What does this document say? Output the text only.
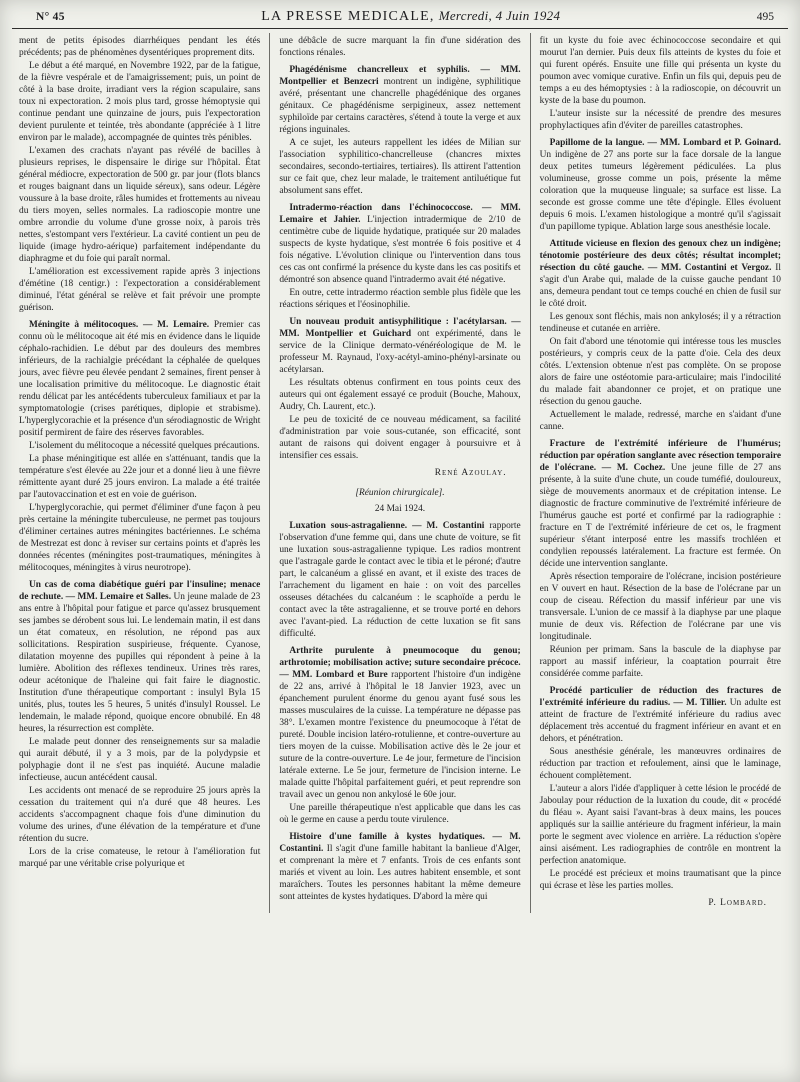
N° 45	LA PRESSE MEDICALE, Mercredi, 4 Juin 1924	495

ment de petits épisodes diarrhéiques pendant les étés précédents; pas de phénomènes dysentériques proprement dits.

Le début a été marqué, en Novembre 1922, par de la fatigue, de la fièvre vespérale et de l'amaigrissement; puis, un point de côté à la base droite, irradiant vers la région scapulaire, sans toux ni expectoration. 2 mois plus tard, grosse hémoptysie qui continue pendant une quinzaine de jours, puis l'expectoration devient purulente et teintée, très abondante (appréciée à 1 litre environ par le malade), accompagnée de quintes très pénibles.

L'examen des crachats n'ayant pas révélé de bacilles à plusieurs reprises, le dispensaire le dirige sur l'hôpital. État général médiocre, expectoration de 500 gr. par jour (flots blancs et rouges baignant dans un liquide séreux), sans odeur. Légère voussure à la base droite, râles humides et frottements au niveau du tiers moyen, selles normales. La radioscopie montre une ombre arrondie du volume d'une grosse noix, à parois très nettes, s'estompant vers l'extérieur. La cavité contient un peu de liquide (image hydro-aérique) parfaitement indépendante du diaphragme et du foie qui paraît normal.

L'amélioration est excessivement rapide après 3 injections d'émétine (18 centigr.) : l'expectoration a considérablement diminué, l'état général se relève et fait prévoir une prompte guérison.

Méningite à mélitocoques. — M. Lemaire. Premier cas connu où le mélitocoque ait été mis en évidence dans le liquide céphalo-rachidien. Le début par des douleurs des membres inférieurs, de la rachialgie précédant la céphalée de quelques jours, avec fièvre peu élevée pendant 2 semaines, firent penser à une localisation primitive du mélitocoque. Le diagnostic était rendu délicat par les antécédents tuberculeux familiaux et par la symptomatologie (crises parétiques, diplopie et strabisme). L'hyperglycorachie et la présence d'un sérodiagnostic de Wright positif permirent de faire des réserves favorables.

L'isolement du mélitocoque a nécessité quelques précautions.

La phase méningitique est allée en s'atténuant, tandis que la température s'est élevée au 22e jour et a donné lieu à une fièvre rémittente ayant duré 25 jours environ. La malade a été traitée par l'autovaccination et est en voie de guérison.

L'hyperglycorachie, qui permet d'éliminer d'une façon à peu près certaine la méningite tuberculeuse, ne permet pas toujours d'éliminer certaines autres méningites bactériennes. Le schéma de Mestrezat est donc à reviser sur certains points et d'après les données récentes (méningites post-traumatiques, méningites à mélitocoques, méningites à virus neurotrope).

Un cas de coma diabétique guéri par l'insuline; menace de rechute. — MM. Lemaire et Salles. Un jeune malade de 23 ans entre à l'hôpital pour fatigue et parce qu'assez brusquement ses jambes se dérobent sous lui. Le lendemain matin, il est dans un état comateux, en résolution, ne répond pas aux sollicitations. Respiration suspirieuse, fréquente. Cyanose, dilatation moyenne des pupilles qui répondent à peine à la lumière. Abolition des réflexes tendineux. Urines très rares, odeur acétonique de l'haleine qui fait faire le diagnostic. Institution d'une thérapeutique comportant : insulyl Byla 15 unités, plus, toutes les 5 heures, 5 unités d'insulyl Roussel. Le lendemain, le malade répond, quoique encore obnubilé. En 48 heures, la résurrection est complète.

Le malade peut donner des renseignements sur sa maladie qui aurait débuté, il y a 3 mois, par de la polydypsie et polyphagie dont il ne s'est pas inquiété. Aucune maladie infectieuse, aucun antécédent causal.

Les accidents ont menacé de se reproduire 25 jours après la cessation du traitement qui n'a duré que 48 heures. Les accidents s'accompagnent chaque fois d'une diminution du volume des urines, d'une élévation de la température et d'une rétention du sucre.

Lors de la crise comateuse, le retour à l'amélioration fut marqué par une véritable crise polyurique et

une débâcle de sucre marquant la fin d'une sidération des fonctions rénales.

Phagédénisme chancrelleux et syphilis. — MM. Montpellier et Benzecri montrent un indigène, syphilitique avéré, présentant une chancrelle phagédénique des organes génitaux. Ce phagédénisme serpigineux, assez nettement syphiloïde par certains caractères, s'étend à toute la verge et aux régions inguinales.

A ce sujet, les auteurs rappellent les idées de Milian sur l'association syphilitico-chancrelleuse (chancres mixtes secondaires, secondo-tertiaires, tertiaires). Ils attirent l'attention sur ce fait que, chez leur malade, le traitement antiluétique fut absolument sans effet.

Intradermo-réaction dans l'échinococcose. — MM. Lemaire et Jahier. L'injection intradermique de 2/10 de centimètre cube de liquide hydatique, pratiquée sur 20 malades suspects de kyste hydatique, s'est montrée 6 fois positive et 4 fois négative. L'évolution clinique ou l'intervention dans tous ces cas ont confirmé la présence du kyste dans les cas positifs et démontré son absence quand l'intradermo avait été négative.

En outre, cette intradermo réaction semble plus fidèle que les réactions sériques et l'éosinophilie.

Un nouveau produit antisyphilitique : l'acétylarsan. — MM. Montpellier et Guichard ont expérimenté, dans le service de la Clinique dermato-vénéréologique de M. le professeur M. Raynaud, l'oxy-acétyl-amino-phényl-arsinate ou acétylarsan.

Les résultats obtenus confirment en tous points ceux des auteurs qui ont également essayé ce produit (Bouche, Mahoux, Audry, Ch. Laurent, etc.).

Le peu de toxicité de ce nouveau médicament, sa facilité d'administration par voie sous-cutanée, son efficacité, sont autant de raisons qui doivent engager à poursuivre et à intensifier ces essais.

René Azoulay.

[Réunion chirurgicale].

24 Mai 1924.

Luxation sous-astragalienne. — M. Costantini rapporte l'observation d'une femme qui, dans une chute de voiture, se fit une luxation sous-astragalienne typique. Les radios montrent que l'astragale garde le contact avec le tibia et le péroné; d'autre part, le calcanéum a glissé en avant, et il existe des traces de l'arrachement du ligament en haie : on voit des parcelles osseuses détachées du calcanéum : le scaphoïde a perdu le contact avec la tête astragalienne, et se trouve porté en dehors avec l'avant-pied. La réduction de cette luxation se fit sans difficulté.

Arthrite purulente à pneumocoque du genou; arthrotomie; mobilisation active; suture secondaire précoce. — MM. Lombard et Bure rapportent l'histoire d'un indigène de 22 ans, arrivé à l'hôpital le 18 Janvier 1923, avec un épanchement purulent énorme du genou ayant fusé sous les masses musculaires de la cuisse. La température ne dépasse pas 38°. L'examen montre l'existence du pneumocoque à l'état de pureté. Double incision latéro-rotulienne, et contre-ouverture au tiers moyen de la cuisse. Mobilisation active dès le 2e jour et suture de la contre-ouverture. Le 4e jour, fermeture de l'incision latérale externe. Le 5e jour, fermeture de l'incision interne. Le malade quitte l'hôpital parfaitement guéri, et peut reprendre son travail avec un genou non ankylosé le 60e jour.

Une pareille thérapeutique n'est applicable que dans les cas où le germe en cause a perdu toute virulence.

Histoire d'une famille à kystes hydatiques. — M. Costantini. Il s'agit d'une famille habitant la banlieue d'Alger, et comprenant la mère et 7 enfants. Trois de ces enfants sont mariés et vivent au loin. Les autres habitent ensemble, et sont maraîchers. Toutes les personnes habitant la même demeure sont atteintes de kystes hydatiques. D'abord la mère qui

fit un kyste du foie avec échinococcose secondaire et qui mourut l'an dernier. Puis deux fils atteints de kystes du foie et qui furent opérés. Ensuite une fille qui présenta un kyste du poumon avec vomique curative. Enfin un fils qui, depuis peu de temps a eu des hémoptysies : à la radioscopie, on découvrit un kyste de la base du poumon.

L'auteur insiste sur la nécessité de prendre des mesures prophylactiques afin d'éviter de pareilles catastrophes.

Papillome de la langue. — MM. Lombard et P. Goinard. Un indigène de 27 ans porte sur la face dorsale de la langue deux petites tumeurs légèrement pédiculées. La plus volumineuse, grosse comme un pois, présente la même coloration que la muqueuse linguale; sa surface est lisse. La seconde est grosse comme une tête d'épingle. Elles évoluent depuis 6 mois. L'examen histologique a montré qu'il s'agissait d'un papillome typique. Ablation large sous anesthésie locale.

Attitude vicieuse en flexion des genoux chez un indigène; ténotomie postérieure des deux côtés; résultat incomplet; résection du côté gauche. — MM. Costantini et Vergoz. Il s'agit d'un Arabe qui, malade de la cuisse gauche pendant 10 ans, demeura pendant tout ce temps couché en chien de fusil sur le côté droit.

Les genoux sont fléchis, mais non ankylosés; il y a rétraction tendineuse et cutanée en arrière.

On fait d'abord une ténotomie qui intéresse tous les muscles postérieurs, y compris ceux de la patte d'oie. Cela des deux côtés. L'extension obtenue n'est pas complète. On se propose alors de faire une ostéotomie para-articulaire; mais l'indocilité du malade fait abandonner ce projet, et on pratique une résection du genou gauche.

Actuellement le malade, redressé, marche en s'aidant d'une canne.

Fracture de l'extrémité inférieure de l'humérus; réduction par opération sanglante avec résection temporaire de l'olécrane. — M. Cochez. Une jeune fille de 27 ans présente, à la suite d'une chute, un coude tuméfié, douloureux, siège de mouvements anormaux et de crépitation intense. Le diagnostic de fracture comminutive de l'extrémité inférieure de l'humérus gauche est porté et confirmé par la radiographie : fracture en T de l'extrémité inférieure de cet os, le fragment supérieur s'étant interposé entre les massifs trochléen et condylien repoussés latéralement. La fracture est fermée. On décide une intervention sanglante.

Après résection temporaire de l'olécrane, incision postérieure en V ouvert en haut. Résection de la base de l'olécrane par un coup de ciseau. Réfection du massif inférieur par une vis transversale. L'union de ce massif à la diaphyse par une plaque munie de deux vis. Réfection de l'olécrane par une vis longitudinale.

Réunion per primam. Sans la bascule de la diaphyse par rapport au massif inférieur, la coaptation pourrait être considérée comme parfaite.

Procédé particulier de réduction des fractures de l'extrémité inférieure du radius. — M. Tillier. Un adulte est atteint de fracture de l'extrémité inférieure du radius avec déplacement très accentué du fragment inférieur en avant et en dehors, et pénétration.

Sous anesthésie générale, les manœuvres ordinaires de réduction par traction et refoulement, ainsi que le laminage, échouent complètement.

L'auteur a alors l'idée d'appliquer à cette lésion le procédé de Jaboulay pour réduction de la luxation du coude, dit « procédé du fléau ». Ayant saisi l'avant-bras à deux mains, les pouces appliqués sur la saillie antérieure du fragment inférieur, la main porte le segment avec violence en arrière. La réduction s'opère ainsi aisément. Les radiographies de contrôle en montrent la perfection anatomique.

Le procédé est précieux et moins traumatisant que la pince qui écrase et lèse les parties molles.

P. Lombard.
